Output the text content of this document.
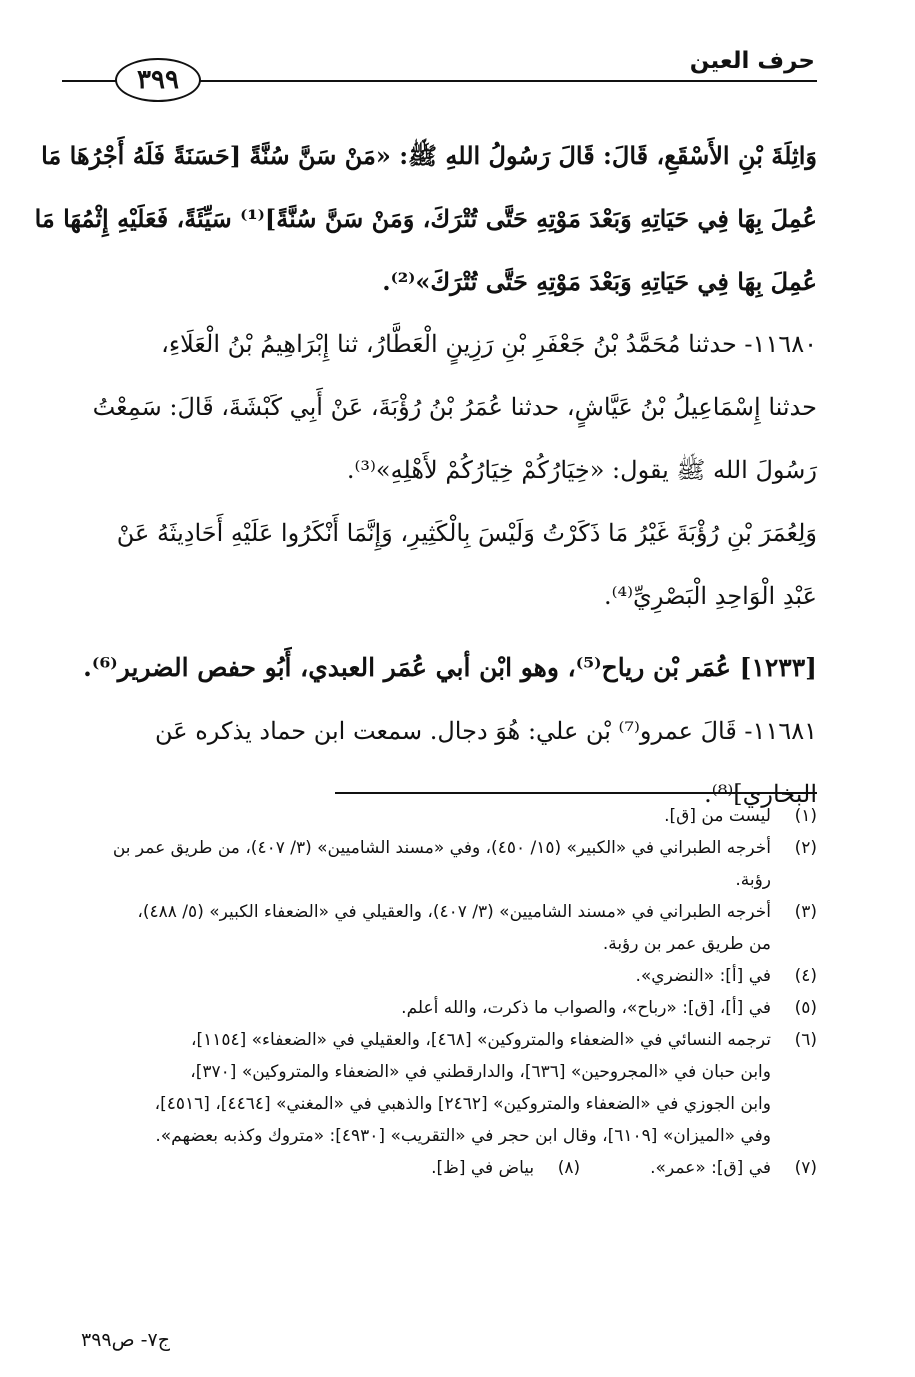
حرف العين
٣٩٩

وَاثِلَةَ بْنِ الأَسْقَعِ، قَالَ: قَالَ رَسُولُ اللهِ ﷺ: «مَنْ سَنَّ سُنَّةً [حَسَنَةً فَلَهُ أَجْرُهَا مَا

عُمِلَ بِهَا فِي حَيَاتِهِ وَبَعْدَ مَوْتِهِ حَتَّى تُتْرَكَ، وَمَنْ سَنَّ سُنَّةً]⁽¹⁾ سَيِّئَةً، فَعَلَيْهِ إِثْمُهَا مَا

عُمِلَ بِهَا فِي حَيَاتِهِ وَبَعْدَ مَوْتِهِ حَتَّى تُتْرَكَ»⁽²⁾.

١١٦٨٠- حدثنا مُحَمَّدُ بْنُ جَعْفَرِ بْنِ رَزِينٍ الْعَطَّارُ، ثنا إِبْرَاهِيمُ بْنُ الْعَلَاءِ،

حدثنا إِسْمَاعِيلُ بْنُ عَيَّاشٍ، حدثنا عُمَرُ بْنُ رُؤْبَةَ، عَنْ أَبِي كَبْشَةَ، قَالَ: سَمِعْتُ

رَسُولَ الله ﷺ يقول: «خِيَارُكُمْ خِيَارُكُمْ لأَهْلِهِ»⁽³⁾.

وَلِعُمَرَ بْنِ رُؤْبَةَ غَيْرُ مَا ذَكَرْتُ وَلَيْسَ بِالْكَثِيرِ، وَإِنَّمَا أَنْكَرُوا عَلَيْهِ أَحَادِيثَهُ عَنْ

عَبْدِ الْوَاحِدِ الْبَصْرِيِّ⁽⁴⁾.

[١٢٣٣] عُمَر بْن رياح⁽⁵⁾، وهو ابْن أبي عُمَر العبدي، أَبُو حفص الضرير⁽⁶⁾.

١١٦٨١- قَالَ عمرو⁽⁷⁾ بْن علي: هُوَ دجال. سمعت ابن حماد يذكره عَن

البخاري]⁽⁸⁾.

(١)
ليست من [ق].
(٢)
أخرجه الطبراني في «الكبير» (١٥/ ٤٥٠)، وفي «مسند الشاميين» (٣/ ٤٠٧)، من طريق عمر بن
رؤبة.
(٣)
أخرجه الطبراني في «مسند الشاميين» (٣/ ٤٠٧)، والعقيلي في «الضعفاء الكبير» (٥/ ٤٨٨)،
من طريق عمر بن رؤبة.
(٤)
في [أ]: «النضري».
(٥)
في [أ]، [ق]: «رباح»، والصواب ما ذكرت، والله أعلم.
(٦)
ترجمه النسائي في «الضعفاء والمتروكين» [٤٦٨]، والعقيلي في «الضعفاء» [١١٥٤]،
وابن حبان في «المجروحين» [٦٣٦]، والدارقطني في «الضعفاء والمتروكين» [٣٧٠]،
وابن الجوزي في «الضعفاء والمتروكين» [٢٤٦٢] والذهبي في «المغني» [٤٤٦٤]، [٤٥١٦]،
وفي «الميزان» [٦١٠٩]، وقال ابن حجر في «التقريب» [٤٩٣٠]: «متروك وكذبه بعضهم».
(٧)
في [ق]: «عمر».
(٨)
بياض في [ظ].
ج٧- ص٣٩٩
